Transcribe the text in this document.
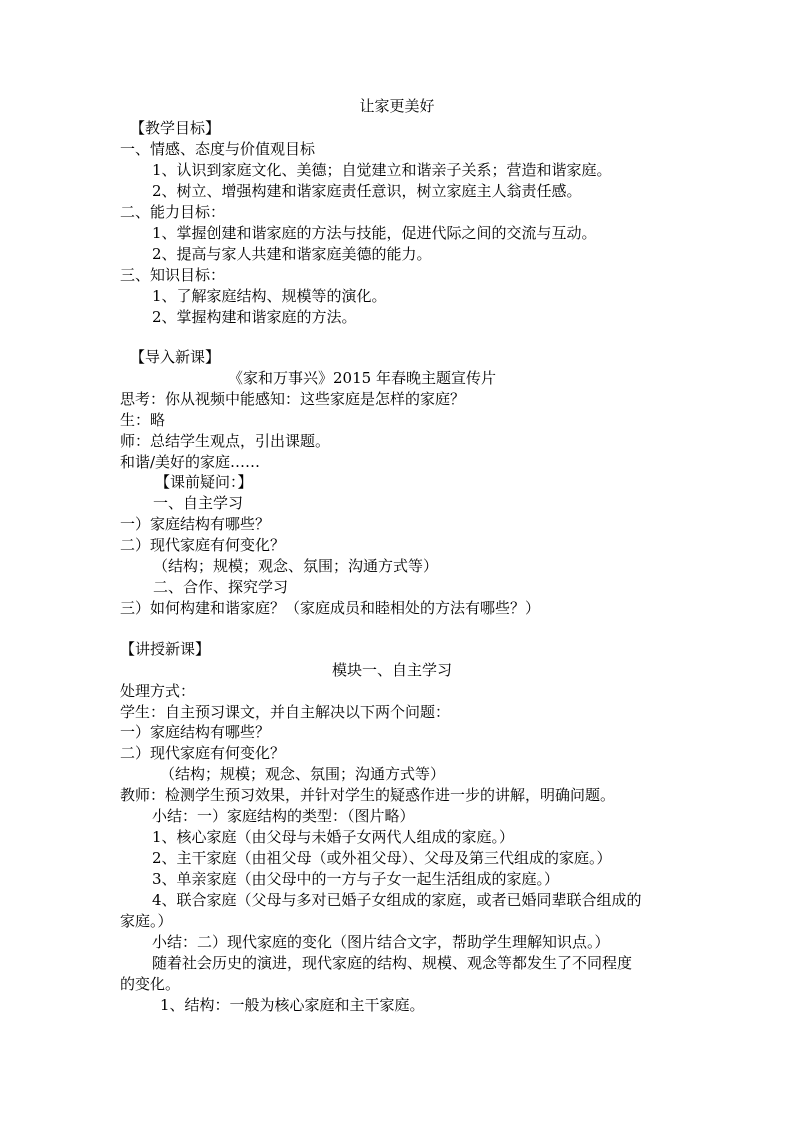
让家更美好
【教学目标】
一、情感、态度与价值观目标
1、认识到家庭文化、美德；自觉建立和谐亲子关系；营造和谐家庭。
2、树立、增强构建和谐家庭责任意识，树立家庭主人翁责任感。
二、能力目标：
1、掌握创建和谐家庭的方法与技能，促进代际之间的交流与互动。
2、提高与家人共建和谐家庭美德的能力。
三、知识目标：
1、了解家庭结构、规模等的演化。
2、掌握构建和谐家庭的方法。
【导入新课】
《家和万事兴》2015 年春晚主题宣传片
思考：你从视频中能感知：这些家庭是怎样的家庭？
生：略
师：总结学生观点，引出课题。
和谐/美好的家庭……
【课前疑问：】
一、自主学习
一）家庭结构有哪些？
二）现代家庭有何变化？
（结构；规模；观念、氛围；沟通方式等）
二、合作、探究学习
三）如何构建和谐家庭？（家庭成员和睦相处的方法有哪些？）
【讲授新课】
模块一、自主学习
处理方式：
学生：自主预习课文，并自主解决以下两个问题：
一）家庭结构有哪些？
二）现代家庭有何变化？
（结构；规模；观念、氛围；沟通方式等）
教师：检测学生预习效果，并针对学生的疑惑作进一步的讲解，明确问题。
小结：一）家庭结构的类型：（图片略）
1、核心家庭（由父母与未婚子女两代人组成的家庭。）
2、主干家庭（由祖父母（或外祖父母）、父母及第三代组成的家庭。）
3、单亲家庭（由父母中的一方与子女一起生活组成的家庭。）
4、联合家庭（父母与多对已婚子女组成的家庭，或者已婚同辈联合组成的
家庭。）
小结：二）现代家庭的变化（图片结合文字，帮助学生理解知识点。）
随着社会历史的演进，现代家庭的结构、规模、观念等都发生了不同程度
的变化。
1、结构：一般为核心家庭和主干家庭。
